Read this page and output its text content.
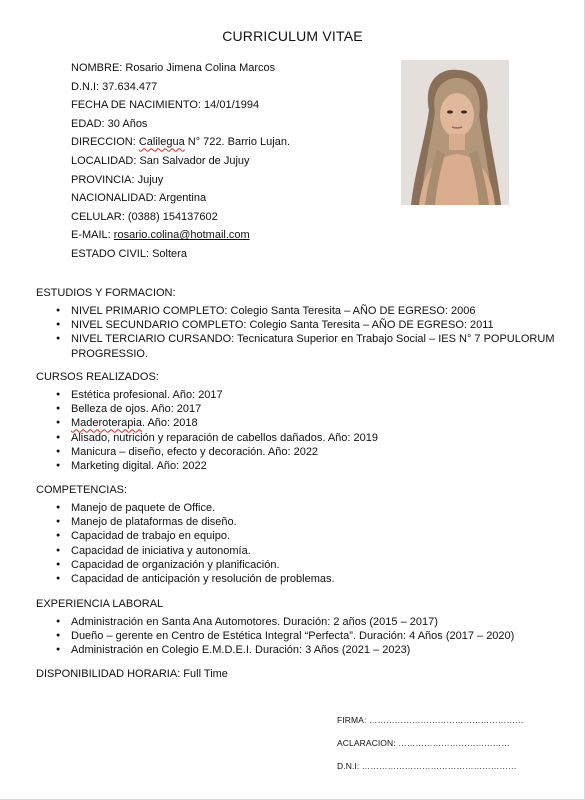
CURRICULUM VITAE
NOMBRE: Rosario Jimena Colina Marcos
D.N.I: 37.634.477
FECHA DE NACIMIENTO: 14/01/1994
EDAD: 30 Años
DIRECCION: Calilegua N° 722. Barrio Lujan.
LOCALIDAD: San Salvador de Jujuy
PROVINCIA: Jujuy
NACIONALIDAD: Argentina
CELULAR: (0388) 154137602
E-MAIL: rosario.colina@hotmail.com
ESTADO CIVIL: Soltera
ESTUDIOS Y FORMACION:
● NIVEL PRIMARIO COMPLETO: Colegio Santa Teresita – AÑO DE EGRESO: 2006
● NIVEL SECUNDARIO COMPLETO: Colegio Santa Teresita – AÑO DE EGRESO: 2011
● NIVEL TERCIARIO CURSANDO: Tecnicatura Superior en Trabajo Social – IES N° 7 POPULORUM PROGRESSIO.
CURSOS REALIZADOS:
● Estética profesional. Año: 2017
● Belleza de ojos. Año: 2017
● Maderoterapia. Año: 2018
● Alisado, nutrición y reparación de cabellos dañados. Año: 2019
● Manicura – diseño, efecto y decoración. Año: 2022
● Marketing digital. Año: 2022
COMPETENCIAS:
● Manejo de paquete de Office.
● Manejo de plataformas de diseño.
● Capacidad de trabajo en equipo.
● Capacidad de iniciativa y autonomía.
● Capacidad de organización y planificación.
● Capacidad de anticipación y resolución de problemas.
EXPERIENCIA LABORAL
● Administración en Santa Ana Automotores. Duración: 2 años (2015 – 2017)
● Dueño – gerente en Centro de Estética Integral “Perfecta”. Duración: 4 Años (2017 – 2020)
● Administración en Colegio E.M.D.E.I. Duración: 3 Años (2021 – 2023)
DISPONIBILIDAD HORARIA: Full Time
FIRMA: ………………………………………………
ACLARACION: …………………………………
D.N.I: ………………………………………………
